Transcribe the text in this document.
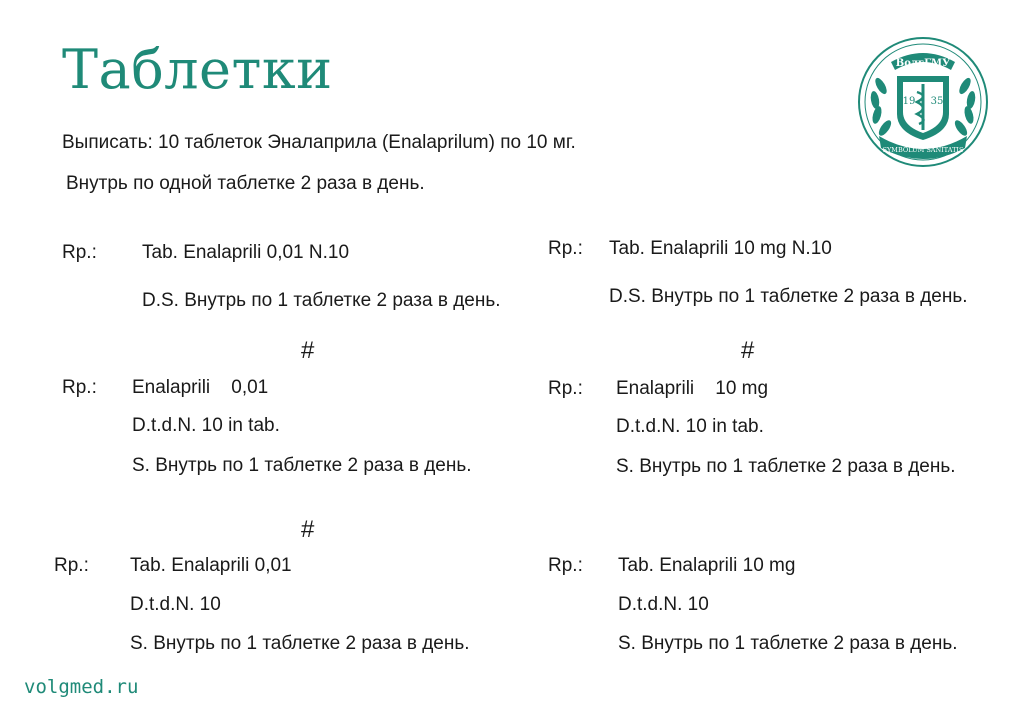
Таблетки	ВолгГМУ
19 35
SYMBOLUM SANITATIS
Выписать: 10 таблеток Эналаприла (Enalaprilum) по 10 мг.
Внутрь по одной таблетке 2 раза в день.
Rp.: Tab. Enalaprili 0,01 N.10
D.S. Внутрь по 1 таблетке 2 раза в день.
Rp.: Tab. Enalaprili 10 mg N.10
D.S. Внутрь по 1 таблетке 2 раза в день.
#	#
Rp.: Enalaprili    0,01
D.t.d.N. 10 in tab.
S. Внутрь по 1 таблетке 2 раза в день.
Rp.: Enalaprili    10 mg
D.t.d.N. 10 in tab.
S. Внутрь по 1 таблетке 2 раза в день.
#
Rp.: Tab. Enalaprili 0,01
D.t.d.N. 10
S. Внутрь по 1 таблетке 2 раза в день.
Rp.: Tab. Enalaprili 10 mg
D.t.d.N. 10
S. Внутрь по 1 таблетке 2 раза в день.
volgmed.ru
